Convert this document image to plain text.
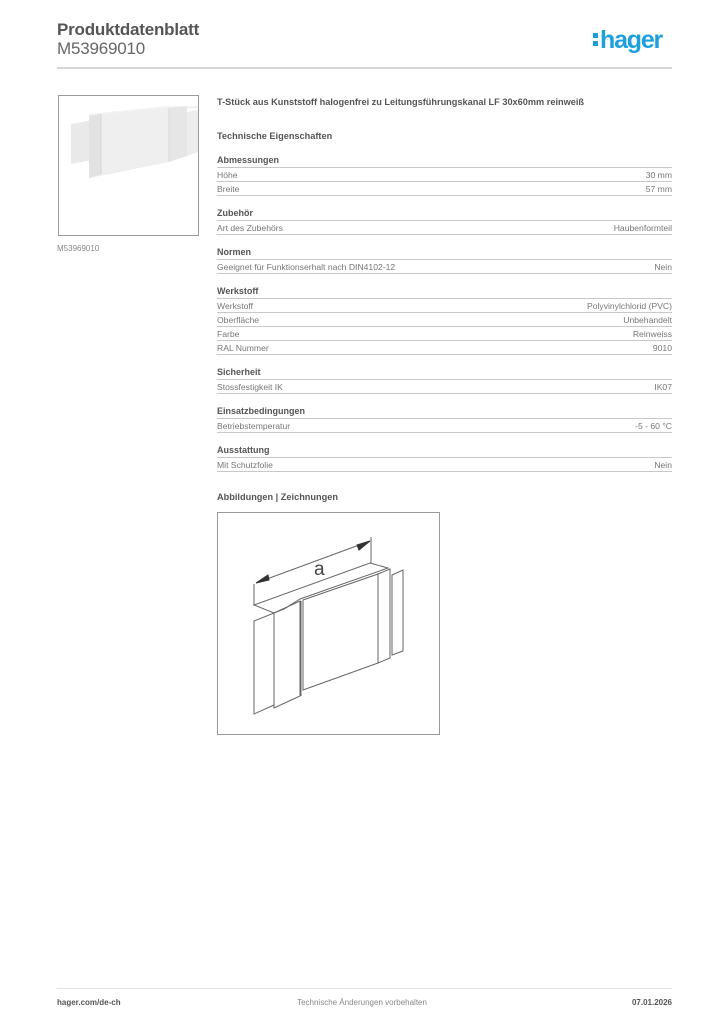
Produktdatenblatt
M53969010	hager
M53969010
T-Stück aus Kunststoff halogenfrei zu Leitungsführungskanal LF 30x60mm reinweiß
Technische Eigenschaften
Abmessungen
Höhe	30 mm
Breite	57 mm
Zubehör
Art des Zubehörs	Haubenformteil
Normen
Geeignet für Funktionserhalt nach DIN4102-12	Nein
Werkstoff
Werkstoff	Polyvinylchlorid (PVC)
Oberfläche	Unbehandelt
Farbe	Reinweiss
RAL Nummer	9010
Sicherheit
Stossfestigkeit IK	IK07
Einsatzbedingungen
Betriebstemperatur	-5 - 60 °C
Ausstattung
Mit Schutzfolie	Nein
Abbildungen | Zeichnungen
a
hager.com/de-ch	Technische Änderungen vorbehalten	07.01.2026
